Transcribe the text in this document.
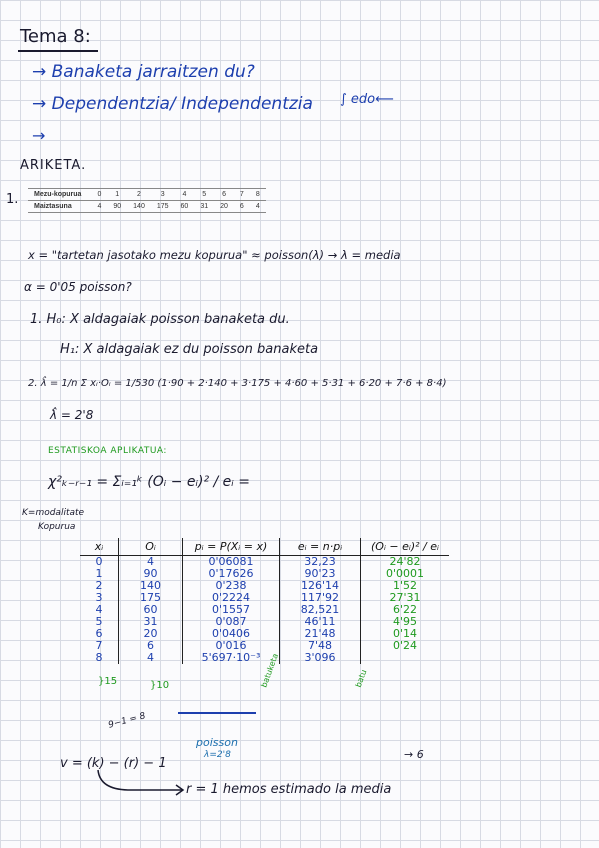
Tema 8:
→ Banaketa jarraitzen du?
→ Dependentzia/ Independentzia ∫ edo⟵
→
ARIKETA.
1. Mezu-kopurua	0	1	2	3	4	5	6	7	8
Maiztasuna	4	90	140	175	60	31	20	6	4
x = "tartetan jasotako mezu kopurua" ≈ poisson(λ) → λ = media
α = 0'05 poisson?
1. H₀: X aldagaiak poisson banaketa du.
H₁: X aldagaiak ez du poisson banaketa
2. λ̂ = 1/n Σ xᵢ·Oᵢ = 1/530 (1·90 + 2·140 + 3·175 + 4·60 + 5·31 + 6·20 + 7·6 + 8·4)
λ̂ = 2'8
ESTATISKOA APLIKATUA:
χ²ₖ₋ᵣ₋₁ = Σᵢ₌₁ᵏ (Oᵢ − eᵢ)² / eᵢ =
K=modalitate
Kopurua
xᵢ	Oᵢ	pᵢ = P(Xᵢ = x)	eᵢ = n·pᵢ	(Oᵢ − eᵢ)² / eᵢ
0	4	0'06081	32,23	24'82
1	90	0'17626	90'23	0'0001
2	140	0'238	126'14	1'52
3	175	0'2224	117'92	27'31
4	60	0'1557	82,521	6'22
5	31	0'087	46'11	4'95
6	20	0'0406	21'48	0'14
7	6	0'016	7'48	0'24
8	4	5'697·10⁻³	3'096	
}15	}10	batuketa	batu
poisson
λ=2'8
9−1 = 8
v = (k) − (r) − 1
→ 6
r = 1 hemos estimado la media
